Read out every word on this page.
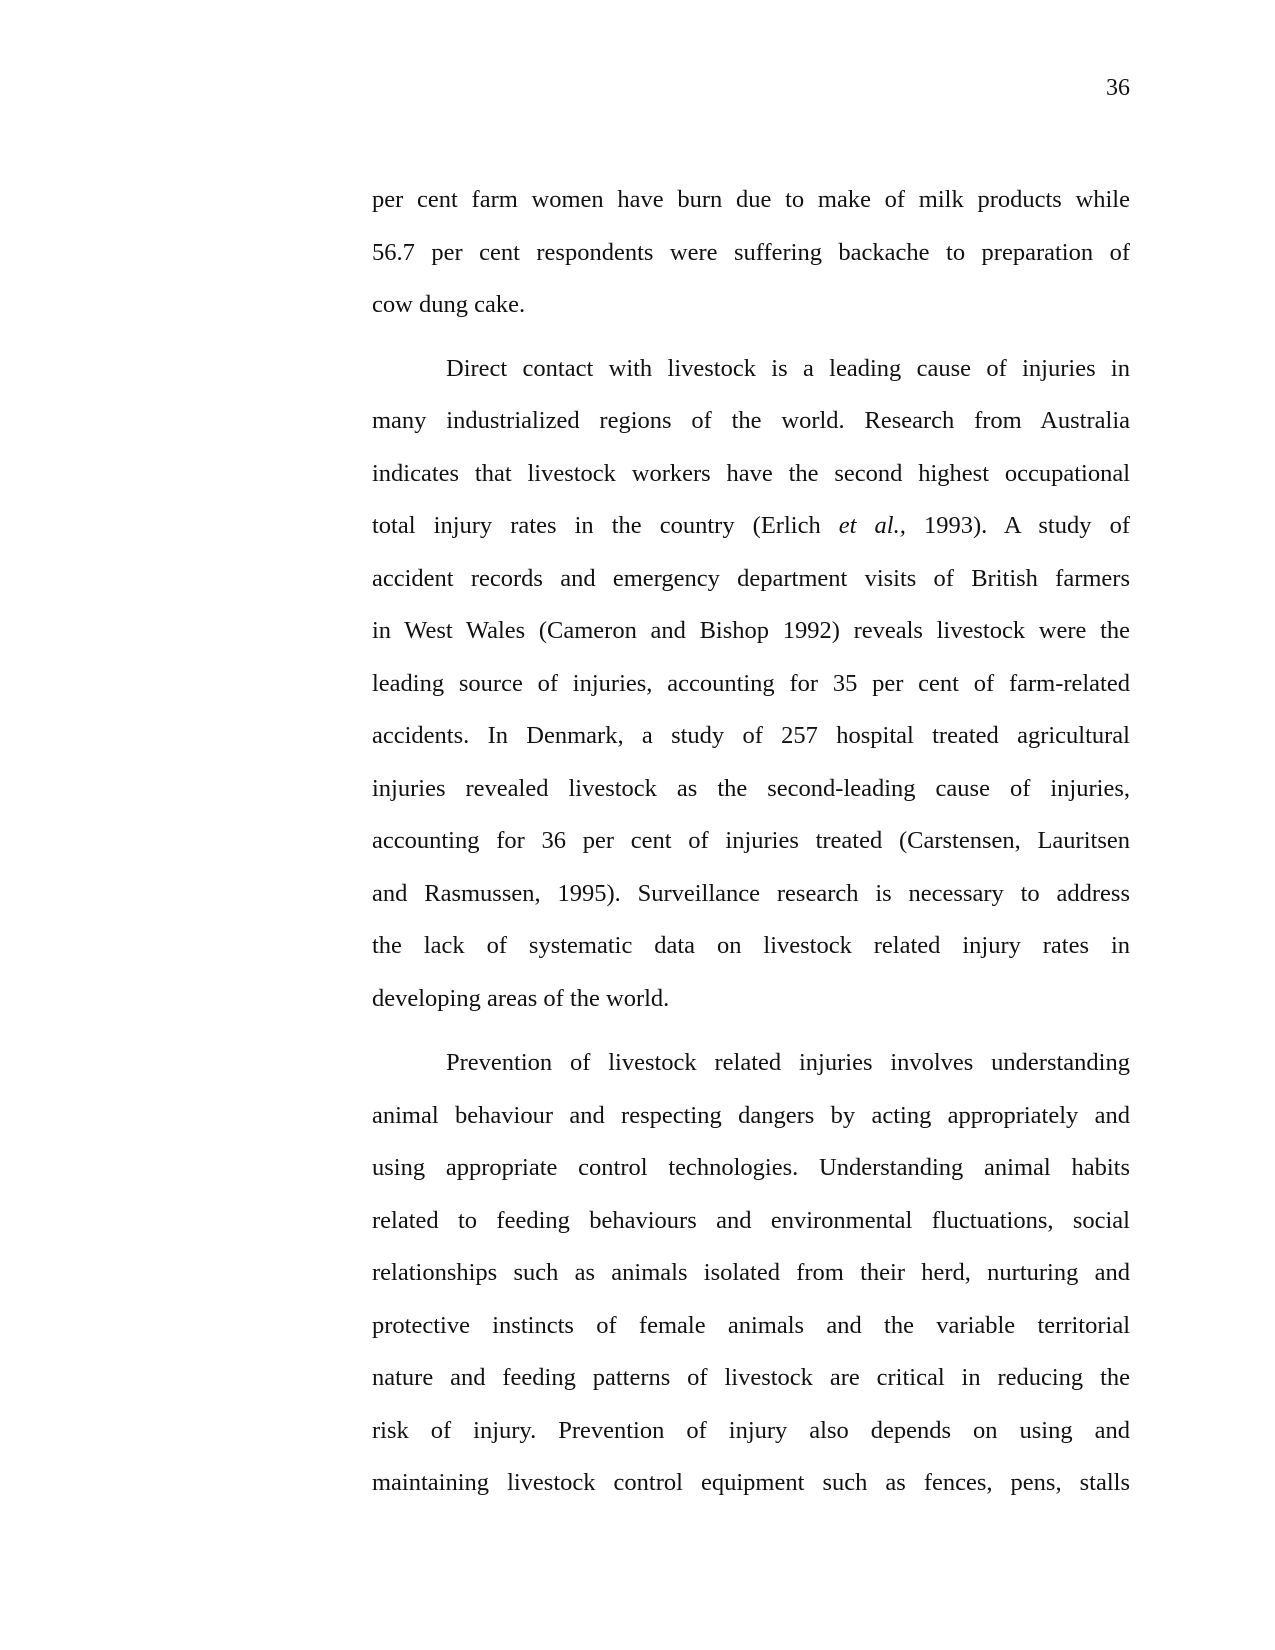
36
per cent farm women have burn due to make of milk products while
56.7 per cent respondents were suffering backache to preparation of
cow dung cake.
Direct contact with livestock is a leading cause of injuries in
many industrialized regions of the world. Research from Australia
indicates that livestock workers have the second highest occupational
total injury rates in the country (Erlich et al., 1993). A study of
accident records and emergency department visits of British farmers
in West Wales (Cameron and Bishop 1992) reveals livestock were the
leading source of injuries, accounting for 35 per cent of farm-related
accidents. In Denmark, a study of 257 hospital treated agricultural
injuries revealed livestock as the second-leading cause of injuries,
accounting for 36 per cent of injuries treated (Carstensen, Lauritsen
and Rasmussen, 1995). Surveillance research is necessary to address
the lack of systematic data on livestock related injury rates in
developing areas of the world.
Prevention of livestock related injuries involves understanding
animal behaviour and respecting dangers by acting appropriately and
using appropriate control technologies. Understanding animal habits
related to feeding behaviours and environmental fluctuations, social
relationships such as animals isolated from their herd, nurturing and
protective instincts of female animals and the variable territorial
nature and feeding patterns of livestock are critical in reducing the
risk of injury. Prevention of injury also depends on using and
maintaining livestock control equipment such as fences, pens, stalls
